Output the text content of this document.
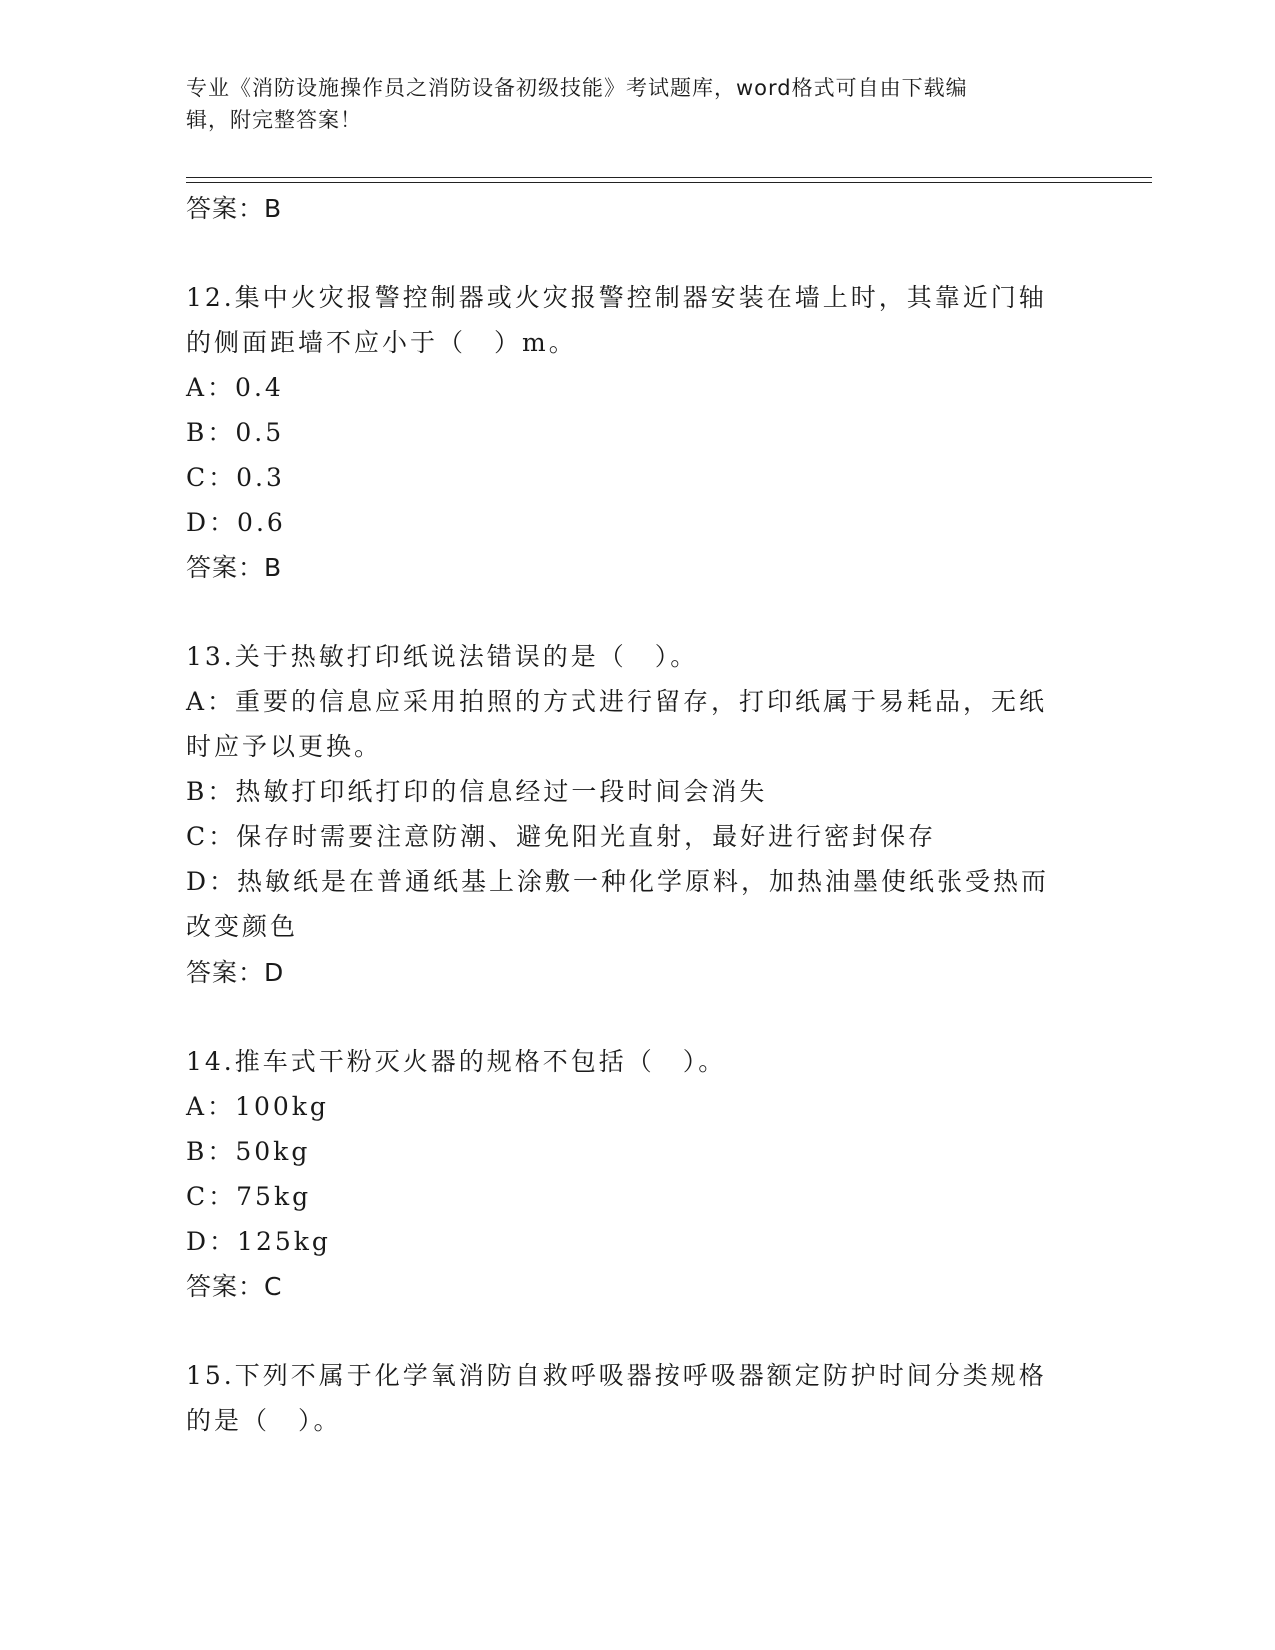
专业《消防设施操作员之消防设备初级技能》考试题库，word格式可自由下载编
辑，附完整答案！
答案：B
12.集中火灾报警控制器或火灾报警控制器安装在墙上时，其靠近门轴
的侧面距墙不应小于（　）m。
A：0.4
B：0.5
C：0.3
D：0.6
答案：B
13.关于热敏打印纸说法错误的是（　）。
A：重要的信息应采用拍照的方式进行留存，打印纸属于易耗品，无纸
时应予以更换。
B：热敏打印纸打印的信息经过一段时间会消失
C：保存时需要注意防潮、避免阳光直射，最好进行密封保存
D：热敏纸是在普通纸基上涂敷一种化学原料，加热油墨使纸张受热而
改变颜色
答案：D
14.推车式干粉灭火器的规格不包括（　）。
A：100kg
B：50kg
C：75kg
D：125kg
答案：C
15.下列不属于化学氧消防自救呼吸器按呼吸器额定防护时间分类规格
的是（　）。
